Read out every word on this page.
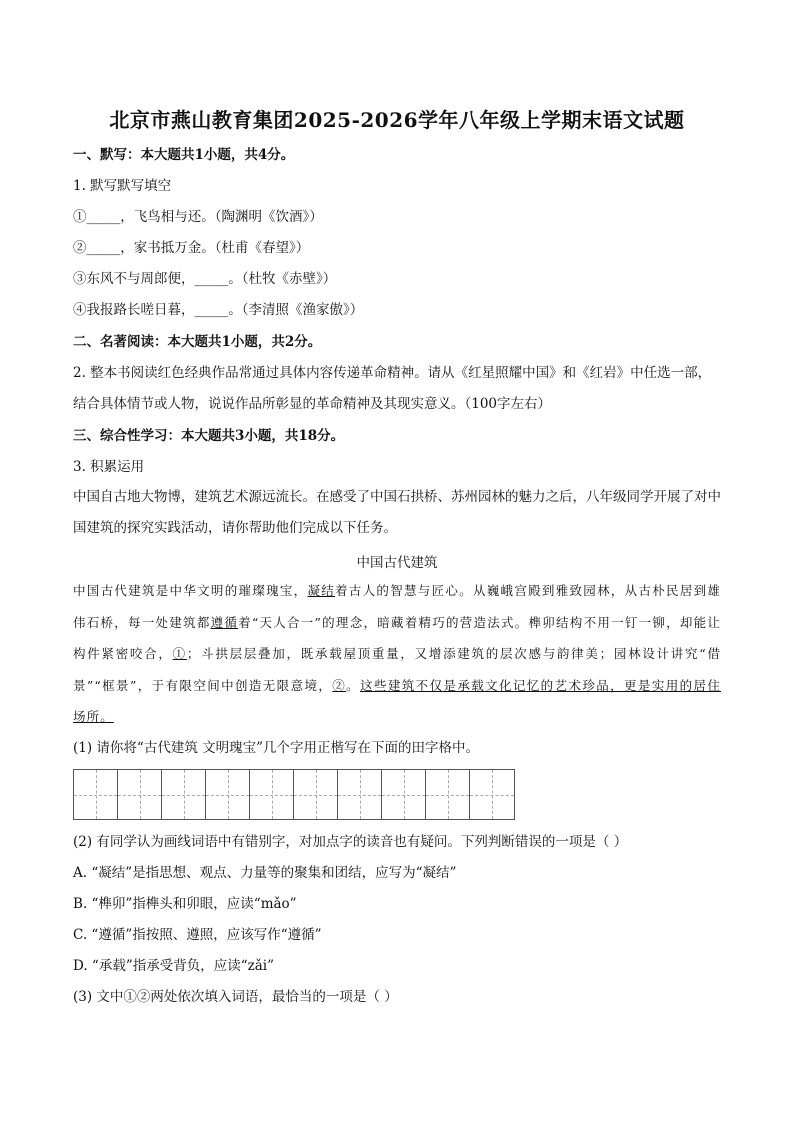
北京市燕山教育集团2025-2026学年八年级上学期末语文试题
一、默写：本大题共1小题，共4分。
1. 默写默写填空
①_____，飞鸟相与还。（陶渊明《饮酒》）
②_____，家书抵万金。（杜甫《春望》）
③东风不与周郎便，_____。（杜牧《赤壁》）
④我报路长嗟日暮，_____。（李清照《渔家傲》）
二、名著阅读：本大题共1小题，共2分。
2. 整本书阅读红色经典作品常通过具体内容传递革命精神。请从《红星照耀中国》和《红岩》中任选一部，结合具体情节或人物，说说作品所彰显的革命精神及其现实意义。（100字左右）
三、综合性学习：本大题共3小题，共18分。
3. 积累运用
中国自古地大物博，建筑艺术源远流长。在感受了中国石拱桥、苏州园林的魅力之后，八年级同学开展了对中国建筑的探究实践活动，请你帮助他们完成以下任务。
中国古代建筑
中国古代建筑是中华文明的璀璨瑰宝，凝结着古人的智慧与匠心。从巍峨宫殿到雅致园林，从古朴民居到雄伟石桥，每一处建筑都遵循着“天人合一”的理念，暗藏着精巧的营造法式。榫卯结构不用一钉一铆，却能让构件紧密咬合，①；斗拱层层叠加，既承载屋顶重量，又增添建筑的层次感与韵律美；园林设计讲究“借景”“框景”，于有限空间中创造无限意境，②。这些建筑不仅是承载文化记忆的艺术珍品，更是实用的居住场所。
(1) 请你将“古代建筑 文明瑰宝”几个字用正楷写在下面的田字格中。
(2) 有同学认为画线词语中有错别字，对加点字的读音也有疑问。下列判断错误的一项是（ ）
A. “凝结”是指思想、观点、力量等的聚集和团结，应写为“凝结”
B. “榫卯”指榫头和卯眼，应读“mǎo”
C. “遵循”指按照、遵照，应该写作“遵循”
D. “承载”指承受背负，应读“zǎi”
(3) 文中①②两处依次填入词语，最恰当的一项是（ ）
